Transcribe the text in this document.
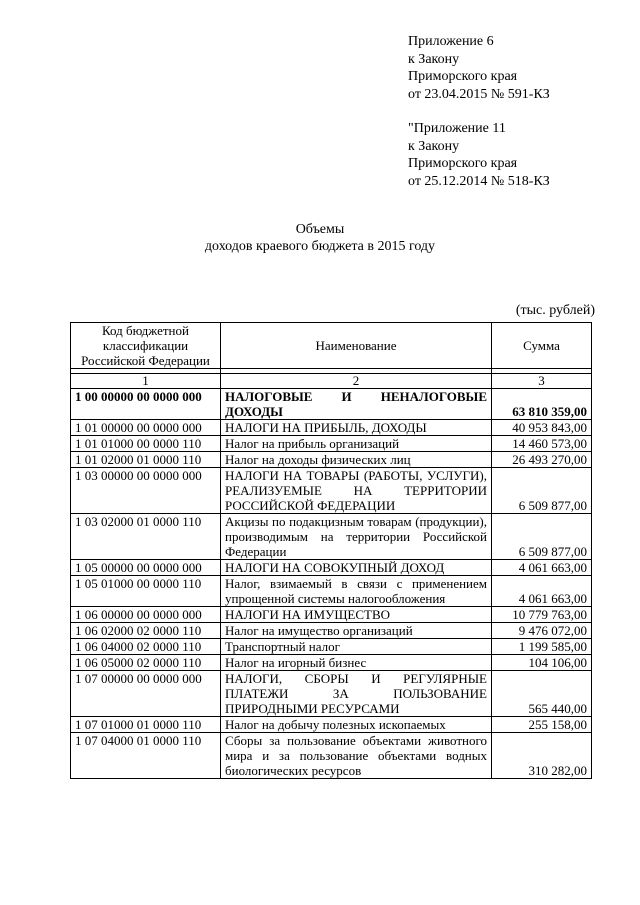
Приложение 6
к Закону
Приморского края
от 23.04.2015 № 591-КЗ
"Приложение 11
к Закону
Приморского края
от 25.12.2014 № 518-КЗ
Объемы
доходов краевого бюджета в 2015 году
(тыс. рублей)
Код бюджетной классификации Российской Федерации	Наименование	Сумма

1	2	3
1 00 00000 00 0000 000	НАЛОГОВЫЕ И НЕНАЛОГОВЫЕ ДОХОДЫ	63 810 359,00
1 01 00000 00 0000 000	НАЛОГИ НА ПРИБЫЛЬ, ДОХОДЫ	40 953 843,00
1 01 01000 00 0000 110	Налог на прибыль организаций	14 460 573,00
1 01 02000 01 0000 110	Налог на доходы физических лиц	26 493 270,00
1 03 00000 00 0000 000	НАЛОГИ НА ТОВАРЫ (РАБОТЫ, УСЛУГИ), РЕАЛИЗУЕМЫЕ НА ТЕРРИТОРИИ РОССИЙСКОЙ ФЕДЕРАЦИИ	6 509 877,00
1 03 02000 01 0000 110	Акцизы по подакцизным товарам (продукции), производимым на территории Российской Федерации	6 509 877,00
1 05 00000 00 0000 000	НАЛОГИ НА СОВОКУПНЫЙ ДОХОД	4 061 663,00
1 05 01000 00 0000 110	Налог, взимаемый в связи с применением упрощенной системы налогообложения	4 061 663,00
1 06 00000 00 0000 000	НАЛОГИ НА ИМУЩЕСТВО	10 779 763,00
1 06 02000 02 0000 110	Налог на имущество организаций	9 476 072,00
1 06 04000 02 0000 110	Транспортный налог	1 199 585,00
1 06 05000 02 0000 110	Налог на игорный бизнес	104 106,00
1 07 00000 00 0000 000	НАЛОГИ, СБОРЫ И РЕГУЛЯРНЫЕ ПЛАТЕЖИ ЗА ПОЛЬЗОВАНИЕ ПРИРОДНЫМИ РЕСУРСАМИ	565 440,00
1 07 01000 01 0000 110	Налог на добычу полезных ископаемых	255 158,00
1 07 04000 01 0000 110	Сборы за пользование объектами животного мира и за пользование объектами водных биологических ресурсов	310 282,00
